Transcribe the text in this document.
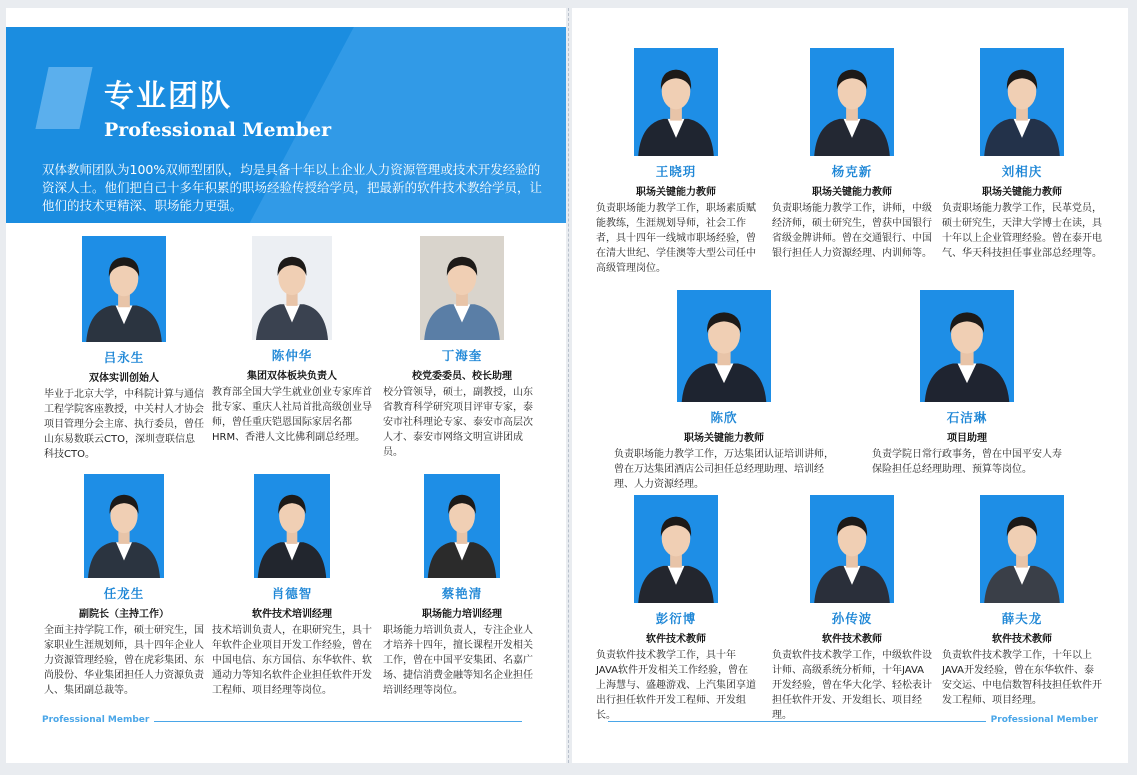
专业团队
Professional Member
双体教师团队为100%双师型团队，均是具备十年以上企业人力资源管理或技术开发经验的资深人士。他们把自己十多年积累的职场经验传授给学员，把最新的软件技术教给学员，让他们的技术更精深、职场能力更强。
吕永生
双体实训创始人
毕业于北京大学，中科院计算与通信工程学院客座教授，中关村人才协会项目管理分会主席、执行委员，曾任山东易数联云CTO，深圳壹联信息科技CTO。
陈仲华
集团双体板块负责人
教育部全国大学生就业创业专家库首批专家、重庆人社局首批高级创业导师，曾任重庆铠恩国际家居名都HRM、香港人文比佛利副总经理。
丁海奎
校党委委员、校长助理
校分管领导，硕士，副教授，山东省教育科学研究项目评审专家，泰安市社科理论专家、泰安市高层次人才、泰安市网络文明宣讲团成员。
任龙生
副院长（主持工作）
全面主持学院工作，硕士研究生，国家职业生涯规划师，具十四年企业人力资源管理经验，曾在虎彩集团、东尚股份、华业集团担任人力资源负责人、集团副总裁等。
肖德智
软件技术培训经理
技术培训负责人，在职研究生，具十年软件企业项目开发工作经验，曾在中国电信、东方国信、东华软件、软通动力等知名软件企业担任软件开发工程师、项目经理等岗位。
蔡艳清
职场能力培训经理
职场能力培训负责人，专注企业人才培养十四年，擅长课程开发相关工作，曾在中国平安集团、名嘉广场、捷信消费金融等知名企业担任培训经理等岗位。
Professional Member
王晓玥
职场关键能力教师
负责职场能力教学工作，职场素质赋能教练，生涯规划导师，社会工作者，具十四年一线城市职场经验，曾在清大世纪、学佳澳等大型公司任中高级管理岗位。
杨克新
职场关键能力教师
负责职场能力教学工作，讲师，中级经济师，硕士研究生，曾获中国银行省级金牌讲师。曾在交通银行、中国银行担任人力资源经理、内训师等。
刘相庆
职场关键能力教师
负责职场能力教学工作，民革党员，硕士研究生，天津大学博士在读，具十年以上企业管理经验。曾在泰开电气、华天科技担任事业部总经理等。
陈欣
职场关键能力教师
负责职场能力教学工作，万达集团认证培训讲师，曾在万达集团酒店公司担任总经理助理、培训经理、人力资源经理。
石洁琳
项目助理
负责学院日常行政事务，曾在中国平安人寿保险担任总经理助理、预算等岗位。
彭衍博
软件技术教师
负责软件技术教学工作，具十年JAVA软件开发相关工作经验，曾在上海慧与、盛趣游戏、上汽集团享道出行担任软件开发工程师、开发组长。
孙传波
软件技术教师
负责软件技术教学工作，中级软件设计师、高级系统分析师，十年JAVA开发经验，曾在华大化学、轻松表计担任软件开发、开发组长、项目经理。
薛夫龙
软件技术教师
负责软件技术教学工作，十年以上JAVA开发经验，曾在东华软件、泰安交运、中电信数智科技担任软件开发工程师、项目经理。
Professional Member
